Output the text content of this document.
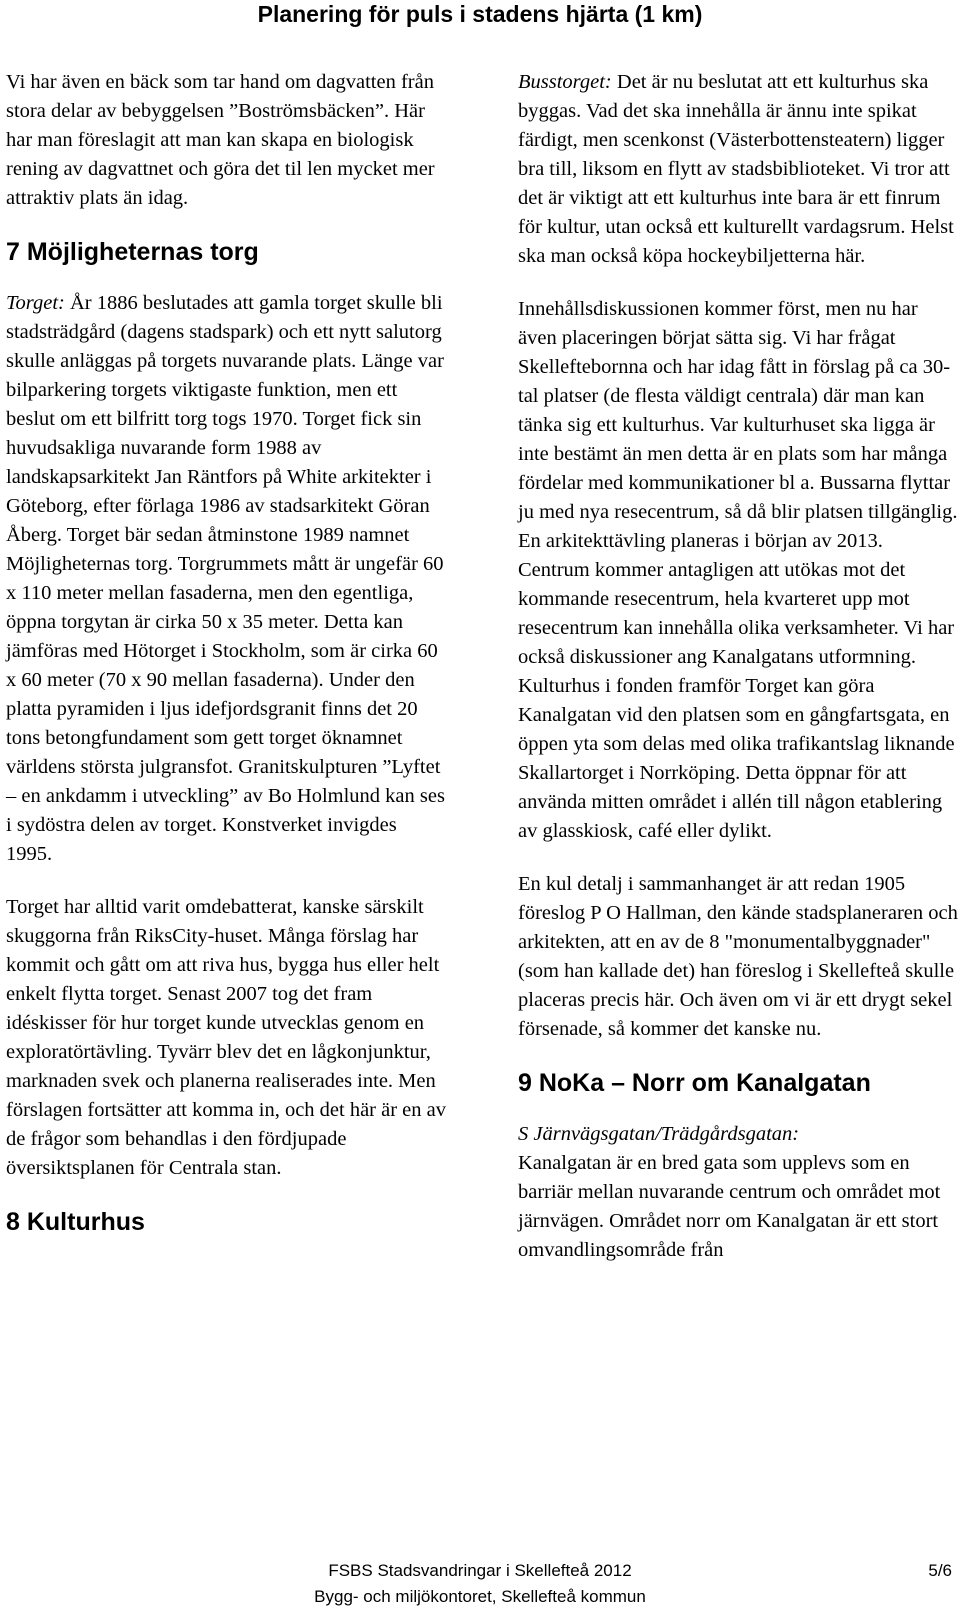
Planering för puls i stadens hjärta (1 km)

Vi har även en bäck som tar hand om dagvatten från stora delar av bebyggelsen ”Boströmsbäcken”. Här har man föreslagit att man kan skapa en biologisk rening av dagvattnet och göra det til len mycket mer attraktiv plats än idag.

7 Möjligheternas torg

Torget: År 1886 beslutades att gamla torget skulle bli stadsträdgård (dagens stadspark) och ett nytt salutorg skulle anläggas på torgets nuvarande plats. Länge var bilparkering torgets viktigaste funktion, men ett beslut om ett bilfritt torg togs 1970. Torget fick sin huvudsakliga nuvarande form 1988 av landskapsarkitekt Jan Räntfors på White arkitekter i Göteborg, efter förlaga 1986 av stadsarkitekt Göran Åberg. Torget bär sedan åtminstone 1989 namnet Möjligheternas torg. Torgrummets mått är ungefär 60 x 110 meter mellan fasaderna, men den egentliga, öppna torgytan är cirka 50 x 35 meter. Detta kan jämföras med Hötorget i Stockholm, som är cirka 60 x 60 meter (70 x 90 mellan fasaderna). Under den platta pyramiden i ljus idefjordsgranit finns det 20 tons betongfundament som gett torget öknamnet världens största julgransfot. Granitskulpturen ”Lyftet – en ankdamm i utveckling” av Bo Holmlund kan ses i sydöstra delen av torget. Konstverket invigdes 1995.

Torget har alltid varit omdebatterat, kanske särskilt skuggorna från RiksCity-huset. Många förslag har kommit och gått om att riva hus, bygga hus eller helt enkelt flytta torget. Senast 2007 tog det fram idéskisser för hur torget kunde utvecklas genom en exploratörtävling. Tyvärr blev det en lågkonjunktur, marknaden svek och planerna realiserades inte. Men förslagen fortsätter att komma in, och det här är en av de frågor som behandlas i den fördjupade översiktsplanen för Centrala stan.

8 Kulturhus

Busstorget: Det är nu beslutat att ett kulturhus ska byggas. Vad det ska innehålla är ännu inte spikat färdigt, men scenkonst (Västerbottensteatern) ligger bra till, liksom en flytt av stadsbiblioteket. Vi tror att det är viktigt att ett kulturhus inte bara är ett finrum för kultur, utan också ett kulturellt vardagsrum. Helst ska man också köpa hockeybiljetterna här.

Innehållsdiskussionen kommer först, men nu har även placeringen börjat sätta sig. Vi har frågat Skelleftebornna och har idag fått in förslag på ca 30-tal platser (de flesta väldigt centrala) där man kan tänka sig ett kulturhus. Var kulturhuset ska ligga är inte bestämt än men detta är en plats som har många fördelar med kommunikationer bl a. Bussarna flyttar ju med nya resecentrum, så då blir platsen tillgänglig. En arkitekttävling planeras i början av 2013. Centrum kommer antagligen att utökas mot det kommande resecentrum, hela kvarteret upp mot resecentrum kan innehålla olika verksamheter. Vi har också diskussioner ang Kanalgatans utformning. Kulturhus i fonden framför Torget kan göra Kanalgatan vid den platsen som en gångfartsgata, en öppen yta som delas med olika trafikantslag liknande Skallartorget i Norrköping. Detta öppnar för att använda mitten området i allén till någon etablering av glasskiosk, café eller dylikt.

En kul detalj i sammanhanget är att redan 1905 föreslog P O Hallman, den kände stadsplaneraren och arkitekten, att en av de 8 "monumentalbyggnader" (som han kallade det) han föreslog i Skellefteå skulle placeras precis här. Och även om vi är ett drygt sekel försenade, så kommer det kanske nu.

9 NoKa – Norr om Kanalgatan

S Järnvägsgatan/Trädgårdsgatan:
Kanalgatan är en bred gata som upplevs som en barriär mellan nuvarande centrum och området mot järnvägen. Området norr om Kanalgatan är ett stort omvandlingsområde från

FSBS Stadsvandringar i Skellefteå 2012
Bygg- och miljökontoret, Skellefteå kommun
5/6
